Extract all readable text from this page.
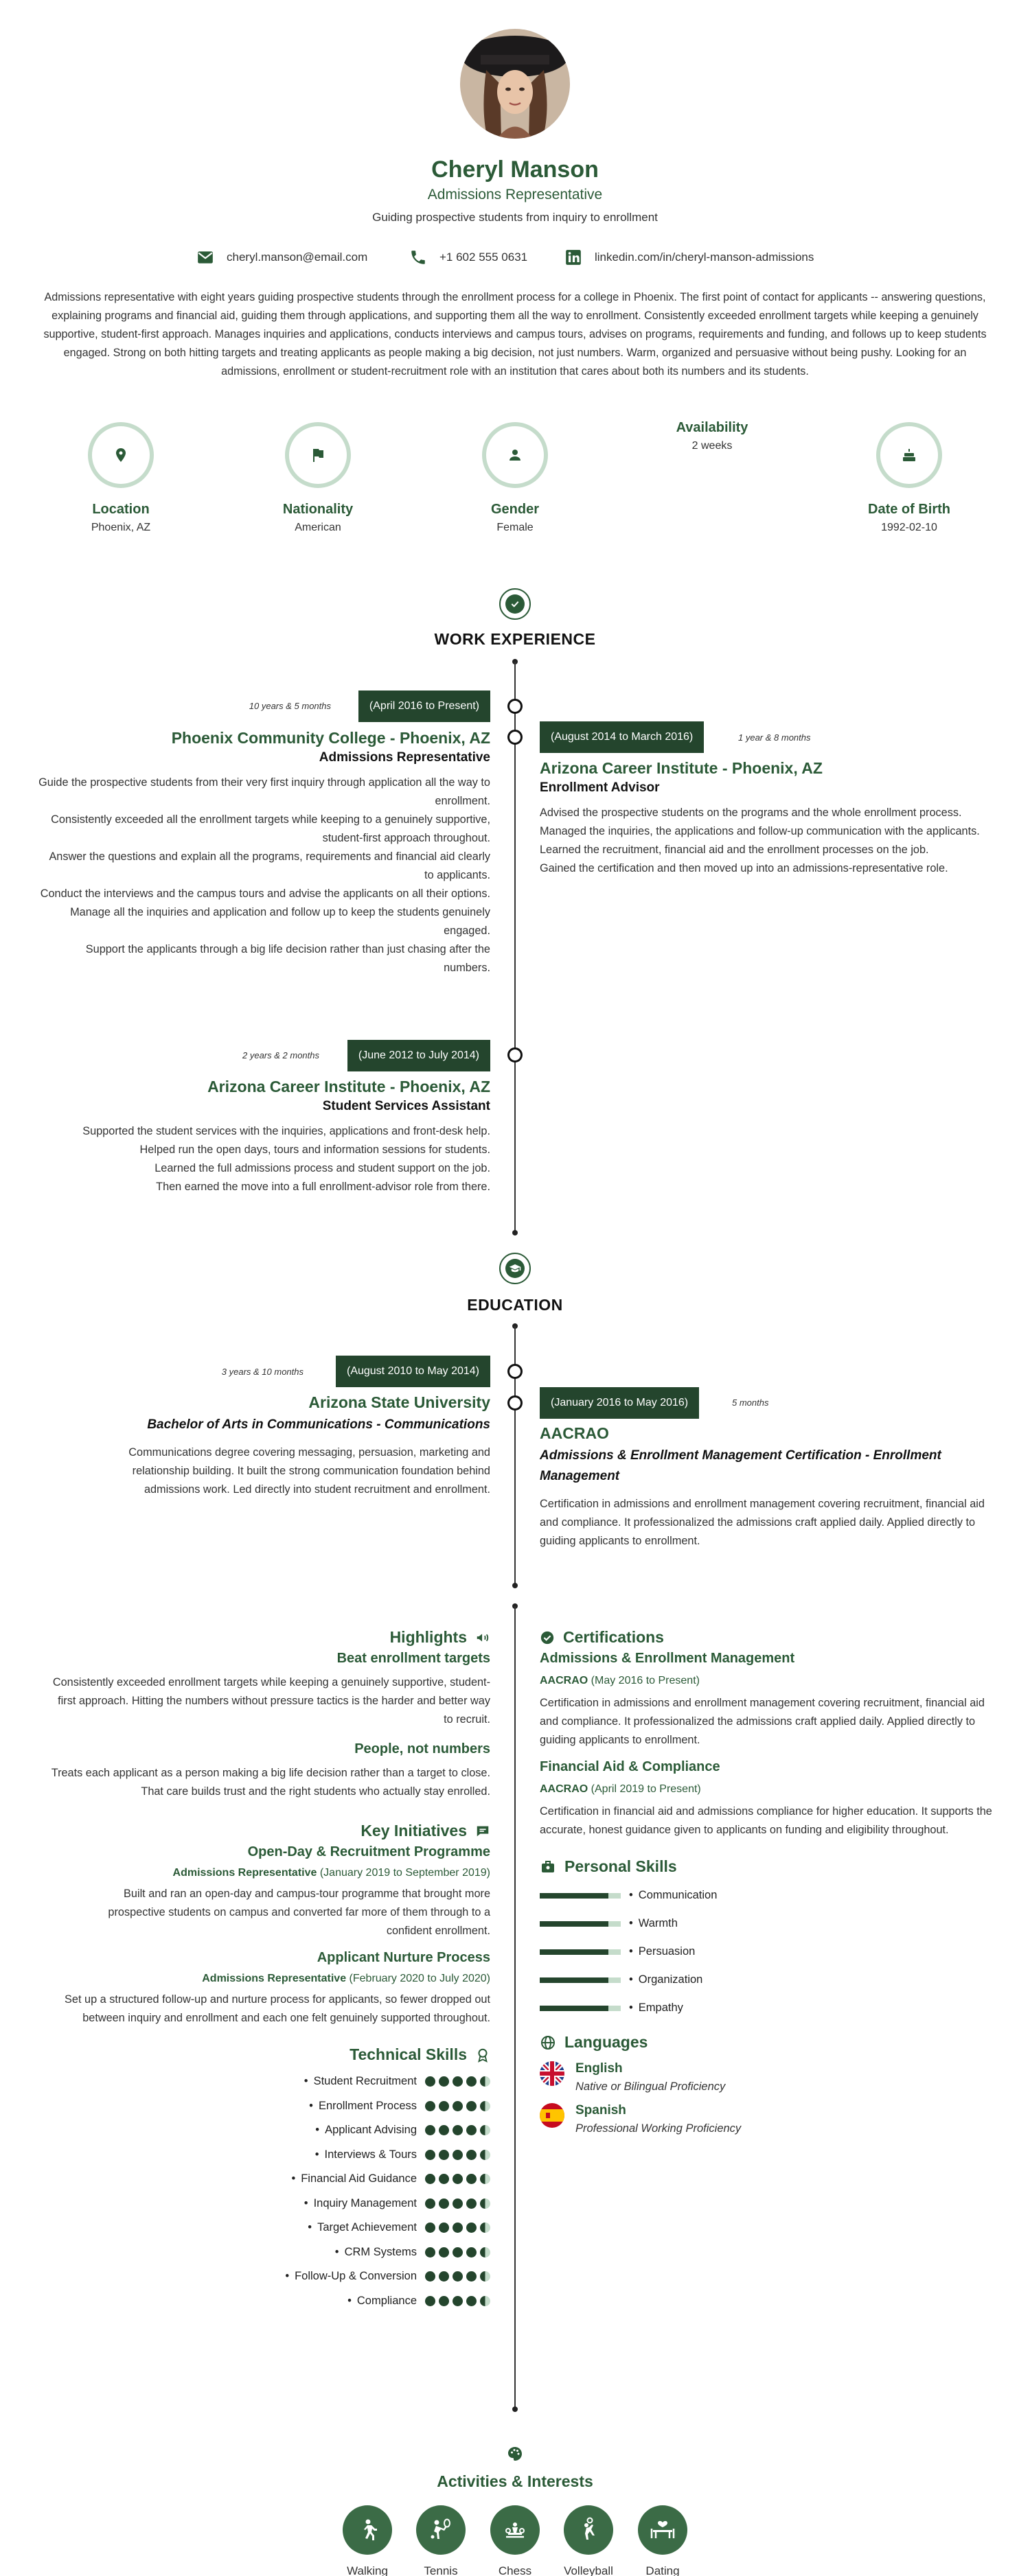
Cheryl Manson
Admissions Representative
Guiding prospective students from inquiry to enrollment
cheryl.manson@email.com	+1 602 555 0631	linkedin.com/in/cheryl-manson-admissions
Admissions representative with eight years guiding prospective students through the enrollment process for a college in Phoenix. The first point of contact for applicants -- answering questions, explaining programs and financial aid, guiding them through applications, and supporting them all the way to enrollment. Consistently exceeded enrollment targets while keeping a genuinely supportive, student-first approach. Manages inquiries and applications, conducts interviews and campus tours, advises on programs, requirements and funding, and follows up to keep students engaged. Strong on both hitting targets and treating applicants as people making a big decision, not just numbers. Warm, organized and persuasive without being pushy. Looking for an admissions, enrollment or student-recruitment role with an institution that cares about both its numbers and its students.
Location
Phoenix, AZ
Nationality
American
Gender
Female
Availability
2 weeks
Date of Birth
1992-02-10
WORK EXPERIENCE
10 years & 5 months	(April 2016 to Present)
Phoenix Community College - Phoenix, AZ
Admissions Representative
Guide the prospective students from their very first inquiry through application all the way to enrollment.
Consistently exceeded all the enrollment targets while keeping to a genuinely supportive, student-first approach throughout.
Answer the questions and explain all the programs, requirements and financial aid clearly to applicants.
Conduct the interviews and the campus tours and advise the applicants on all their options.
Manage all the inquiries and application and follow up to keep the students genuinely engaged.
Support the applicants through a big life decision rather than just chasing after the numbers.
(August 2014 to March 2016)	1 year & 8 months
Arizona Career Institute - Phoenix, AZ
Enrollment Advisor
Advised the prospective students on the programs and the whole enrollment process.
Managed the inquiries, the applications and follow-up communication with the applicants.
Learned the recruitment, financial aid and the enrollment processes on the job.
Gained the certification and then moved up into an admissions-representative role.
2 years & 2 months	(June 2012 to July 2014)
Arizona Career Institute - Phoenix, AZ
Student Services Assistant
Supported the student services with the inquiries, applications and front-desk help.
Helped run the open days, tours and information sessions for students.
Learned the full admissions process and student support on the job.
Then earned the move into a full enrollment-advisor role from there.
EDUCATION
3 years & 10 months	(August 2010 to May 2014)
Arizona State University
Bachelor of Arts in Communications - Communications
Communications degree covering messaging, persuasion, marketing and relationship building. It built the strong communication foundation behind admissions work. Led directly into student recruitment and enrollment.
(January 2016 to May 2016)	5 months
AACRAO
Admissions & Enrollment Management Certification - Enrollment Management
Certification in admissions and enrollment management covering recruitment, financial aid and compliance. It professionalized the admissions craft applied daily. Applied directly to guiding applicants to enrollment.
Highlights
Beat enrollment targets
Consistently exceeded enrollment targets while keeping a genuinely supportive, student-first approach. Hitting the numbers without pressure tactics is the harder and better way to recruit.
People, not numbers
Treats each applicant as a person making a big life decision rather than a target to close. That care builds trust and the right students who actually stay enrolled.
Key Initiatives
Open-Day & Recruitment Programme
Admissions Representative (January 2019 to September 2019)
Built and ran an open-day and campus-tour programme that brought more prospective students on campus and converted far more of them through to a confident enrollment.
Applicant Nurture Process
Admissions Representative (February 2020 to July 2020)
Set up a structured follow-up and nurture process for applicants, so fewer dropped out between inquiry and enrollment and each one felt genuinely supported throughout.
Technical Skills
• Student Recruitment
• Enrollment Process
• Applicant Advising
• Interviews & Tours
• Financial Aid Guidance
• Inquiry Management
• Target Achievement
• CRM Systems
• Follow-Up & Conversion
• Compliance
Certifications
Admissions & Enrollment Management
AACRAO (May 2016 to Present)
Certification in admissions and enrollment management covering recruitment, financial aid and compliance. It professionalized the admissions craft applied daily. Applied directly to guiding applicants to enrollment.
Financial Aid & Compliance
AACRAO (April 2019 to Present)
Certification in financial aid and admissions compliance for higher education. It supports the accurate, honest guidance given to applicants on funding and eligibility throughout.
Personal Skills
• Communication
• Warmth
• Persuasion
• Organization
• Empathy
Languages
English
Native or Bilingual Proficiency
Spanish
Professional Working Proficiency
Activities & Interests
Walking	Tennis	Chess	Volleyball	Dating
